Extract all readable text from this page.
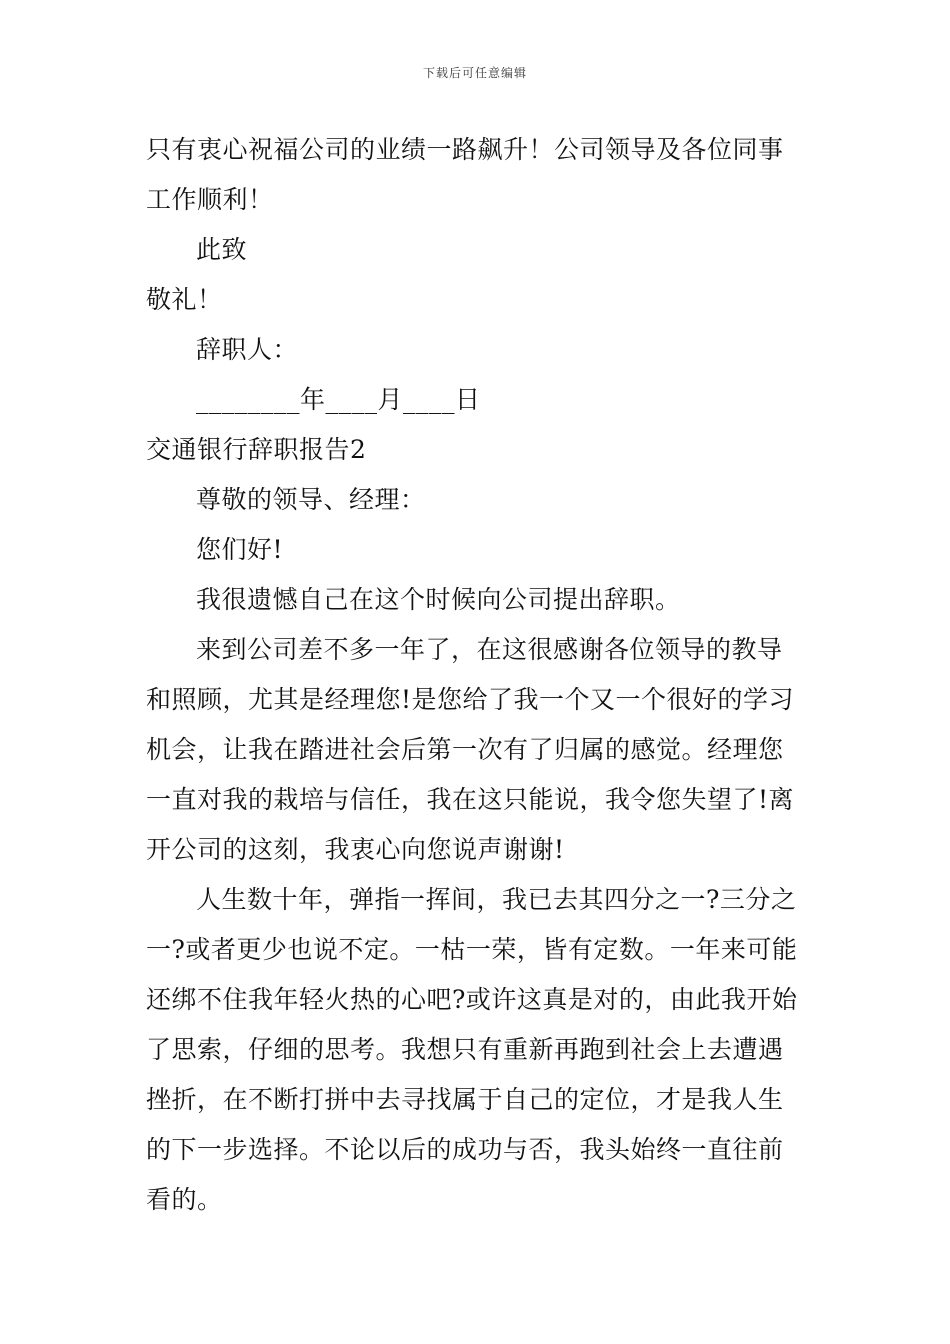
下载后可任意编辑
只有衷心祝福公司的业绩一路飙升！公司领导及各位同事
工作顺利！
此致
敬礼！
辞职人：
________年____月____日
交通银行辞职报告2
尊敬的领导、经理：
您们好!
我很遗憾自己在这个时候向公司提出辞职。
来到公司差不多一年了，在这很感谢各位领导的教导
和照顾，尤其是经理您!是您给了我一个又一个很好的学习
机会，让我在踏进社会后第一次有了归属的感觉。经理您
一直对我的栽培与信任，我在这只能说，我令您失望了!离
开公司的这刻，我衷心向您说声谢谢!
人生数十年，弹指一挥间，我已去其四分之一?三分之
一?或者更少也说不定。一枯一荣，皆有定数。一年来可能
还绑不住我年轻火热的心吧?或许这真是对的，由此我开始
了思索，仔细的思考。我想只有重新再跑到社会上去遭遇
挫折，在不断打拼中去寻找属于自己的定位，才是我人生
的下一步选择。不论以后的成功与否，我头始终一直往前
看的。
